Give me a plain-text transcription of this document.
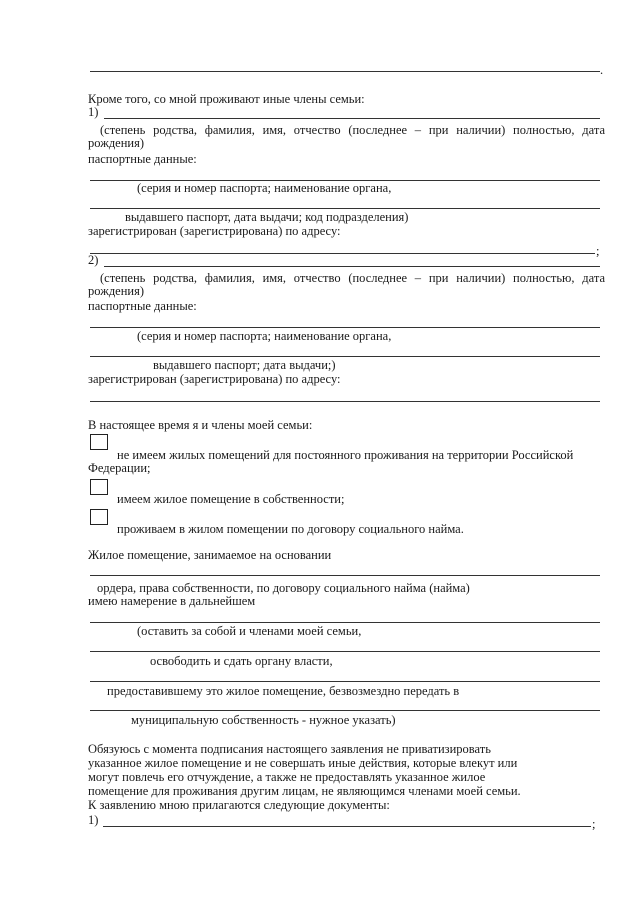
.
Кроме того, со мной проживают иные члены семьи:
1)
(степень родства, фамилия, имя, отчество (последнее – при наличии) полностью, дата
рождения)
паспортные данные:
(серия и номер паспорта; наименование органа,
выдавшего паспорт, дата выдачи; код подразделения)
зарегистрирован (зарегистрирована) по адресу:
;
2)
(степень родства, фамилия, имя, отчество (последнее – при наличии) полностью, дата
рождения)
паспортные данные:
(серия и номер паспорта; наименование органа,
выдавшего паспорт; дата выдачи;)
зарегистрирован (зарегистрирована) по адресу:
В настоящее время я и члены моей семьи:
не имеем жилых помещений для постоянного проживания на территории Российской
Федерации;
имеем жилое помещение в собственности;
проживаем в жилом помещении по договору социального найма.
Жилое помещение, занимаемое на основании
ордера, права собственности, по договору социального найма (найма)
имею намерение в дальнейшем
(оставить за собой и членами моей семьи,
освободить и сдать органу власти,
предоставившему это жилое помещение, безвозмездно передать в
муниципальную собственность - нужное указать)
Обязуюсь с момента подписания настоящего заявления не приватизировать
указанное жилое помещение и не совершать иные действия, которые влекут или
могут повлечь его отчуждение, а также не предоставлять указанное жилое
помещение для проживания другим лицам, не являющимся членами моей семьи.
К заявлению мною прилагаются следующие документы:
1)	;
